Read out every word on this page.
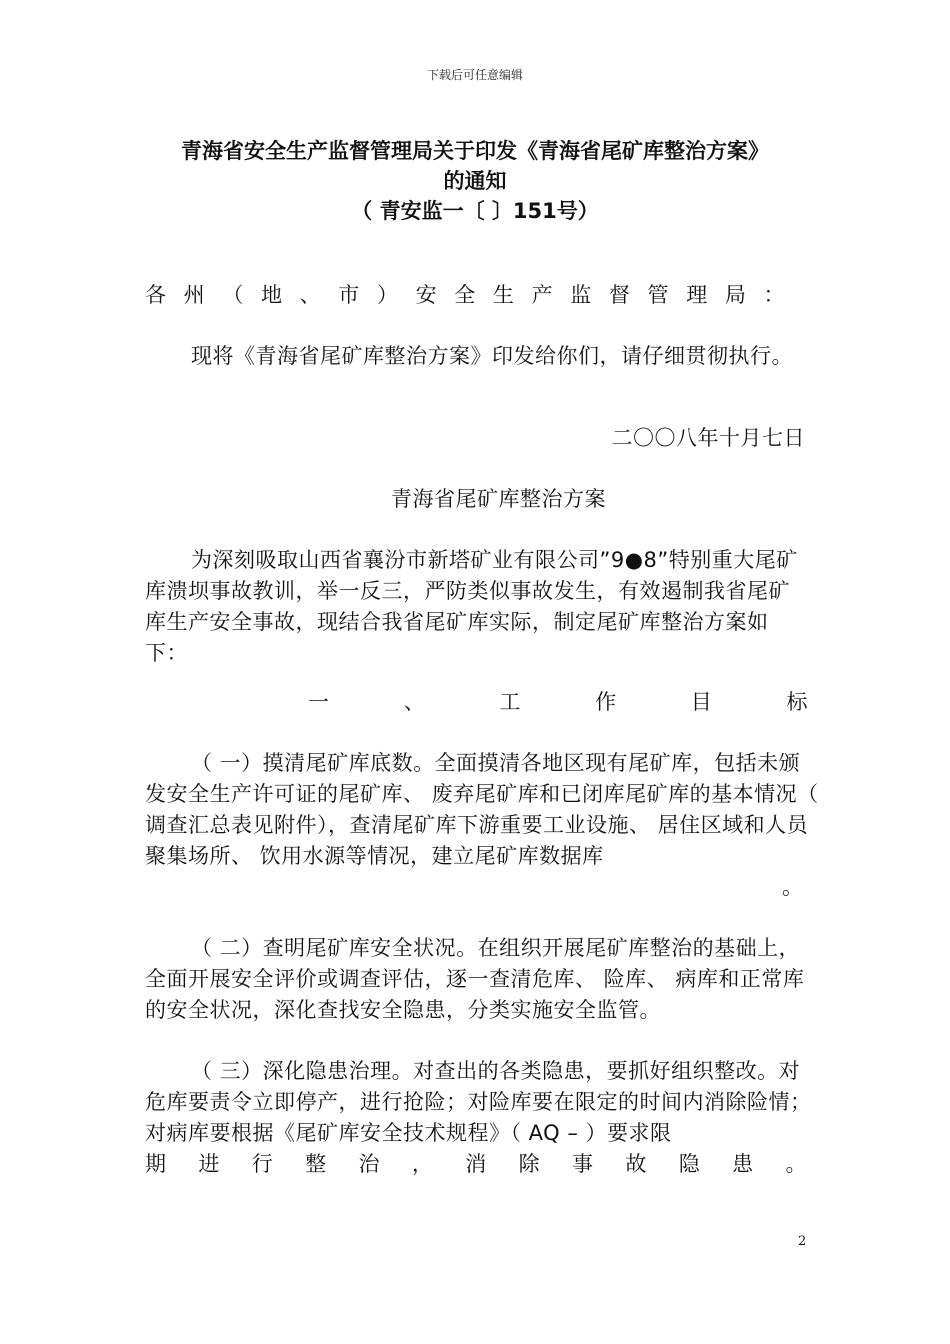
下载后可任意编辑
青海省安全生产监督管理局关于印发《青海省尾矿库整治方案》
的通知
（ 青安监一〔 〕151号）
各 州 （ 地 、 市 ） 安 全 生 产 监 督 管 理 局 ：
现将《青海省尾矿库整治方案》印发给你们，请仔细贯彻执行。
二〇〇八年十月七日
青海省尾矿库整治方案
为深刻吸取山西省襄汾市新塔矿业有限公司”9●8”特别重大尾矿库溃坝事故教训，举一反三，严防类似事故发生，有效遏制我省尾矿库生产安全事故，现结合我省尾矿库实际，制定尾矿库整治方案如下：
一	、	工	作	目	标
（ 一）摸清尾矿库底数。全面摸清各地区现有尾矿库，包括未颁发安全生产许可证的尾矿库、 废弃尾矿库和已闭库尾矿库的基本情况（ 调查汇总表见附件），查清尾矿库下游重要工业设施、 居住区域和人员聚集场所、 饮用水源等情况，建立尾矿库数据库
。
（ 二）查明尾矿库安全状况。在组织开展尾矿库整治的基础上，全面开展安全评价或调查评估，逐一查清危库、 险库、 病库和正常库的安全状况，深化查找安全隐患，分类实施安全监管。
（ 三）深化隐患治理。对查出的各类隐患，要抓好组织整改。对危库要责令立即停产，进行抢险；对险库要在限定的时间内消除险情；对病库要根据《尾矿库安全技术规程》（ AQ – ）要求限
期 进 行 整 治 ， 消 除 事 故 隐 患 。
2
